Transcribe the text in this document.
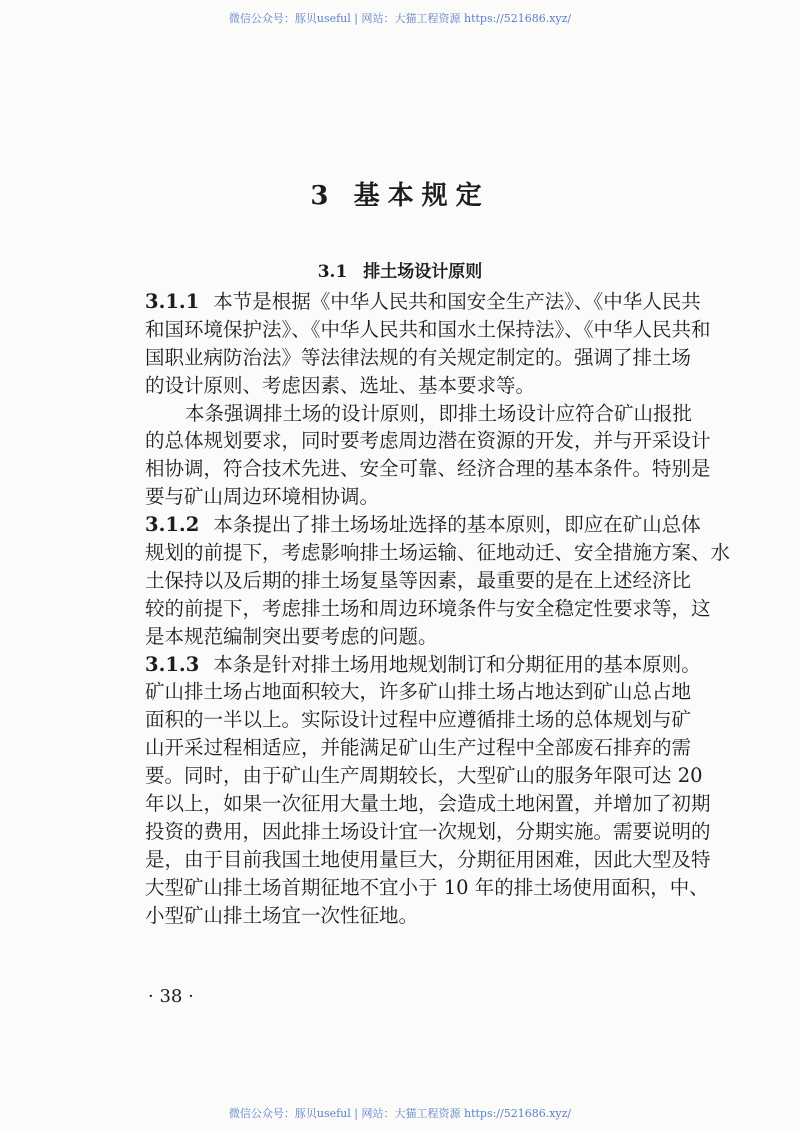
微信公众号：豚贝useful | 网站：大猫工程资源 https://521686.xyz/
3 基本规定
3.1 排土场设计原则
3.1.1 本节是根据《中华人民共和国安全生产法》、《中华人民共
和国环境保护法》、《中华人民共和国水土保持法》、《中华人民共和
国职业病防治法》等法律法规的有关规定制定的。强调了排土场
的设计原则、考虑因素、选址、基本要求等。
本条强调排土场的设计原则，即排土场设计应符合矿山报批
的总体规划要求，同时要考虑周边潜在资源的开发，并与开采设计
相协调，符合技术先进、安全可靠、经济合理的基本条件。特别是
要与矿山周边环境相协调。
3.1.2 本条提出了排土场场址选择的基本原则，即应在矿山总体
规划的前提下，考虑影响排土场运输、征地动迁、安全措施方案、水
土保持以及后期的排土场复垦等因素，最重要的是在上述经济比
较的前提下，考虑排土场和周边环境条件与安全稳定性要求等，这
是本规范编制突出要考虑的问题。
3.1.3 本条是针对排土场用地规划制订和分期征用的基本原则。
矿山排土场占地面积较大，许多矿山排土场占地达到矿山总占地
面积的一半以上。实际设计过程中应遵循排土场的总体规划与矿
山开采过程相适应，并能满足矿山生产过程中全部废石排弃的需
要。同时，由于矿山生产周期较长，大型矿山的服务年限可达 20
年以上，如果一次征用大量土地，会造成土地闲置，并增加了初期
投资的费用，因此排土场设计宜一次规划，分期实施。需要说明的
是，由于目前我国土地使用量巨大，分期征用困难，因此大型及特
大型矿山排土场首期征地不宜小于 10 年的排土场使用面积，中、
小型矿山排土场宜一次性征地。
· 38 ·
微信公众号：豚贝useful | 网站：大猫工程资源 https://521686.xyz/
